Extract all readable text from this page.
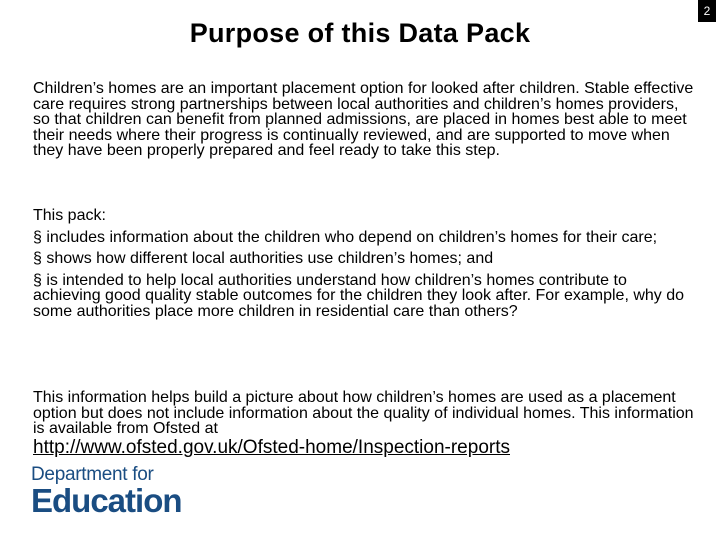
2
Purpose of this Data Pack

Children’s homes are an important placement option for looked after children. Stable effective care requires strong partnerships between local authorities and children’s homes providers, so that children can benefit from planned admissions, are placed in homes best able to meet their needs where their progress is continually reviewed, and are supported to move when they have been properly prepared and feel ready to take this step.

This pack:
§ includes information about the children who depend on children’s homes for their care;
§ shows how different local authorities use children’s homes; and
§ is intended to help local authorities understand how children’s homes contribute to achieving good quality stable outcomes for the children they look after. For example, why do some authorities place more children in residential care than others?

This information helps build a picture about how children’s homes are used as a placement option but does not include information about the quality of individual homes. This information is available from Ofsted at

http://www.ofsted.gov.uk/Ofsted-home/Inspection-reports
Department for
Education
